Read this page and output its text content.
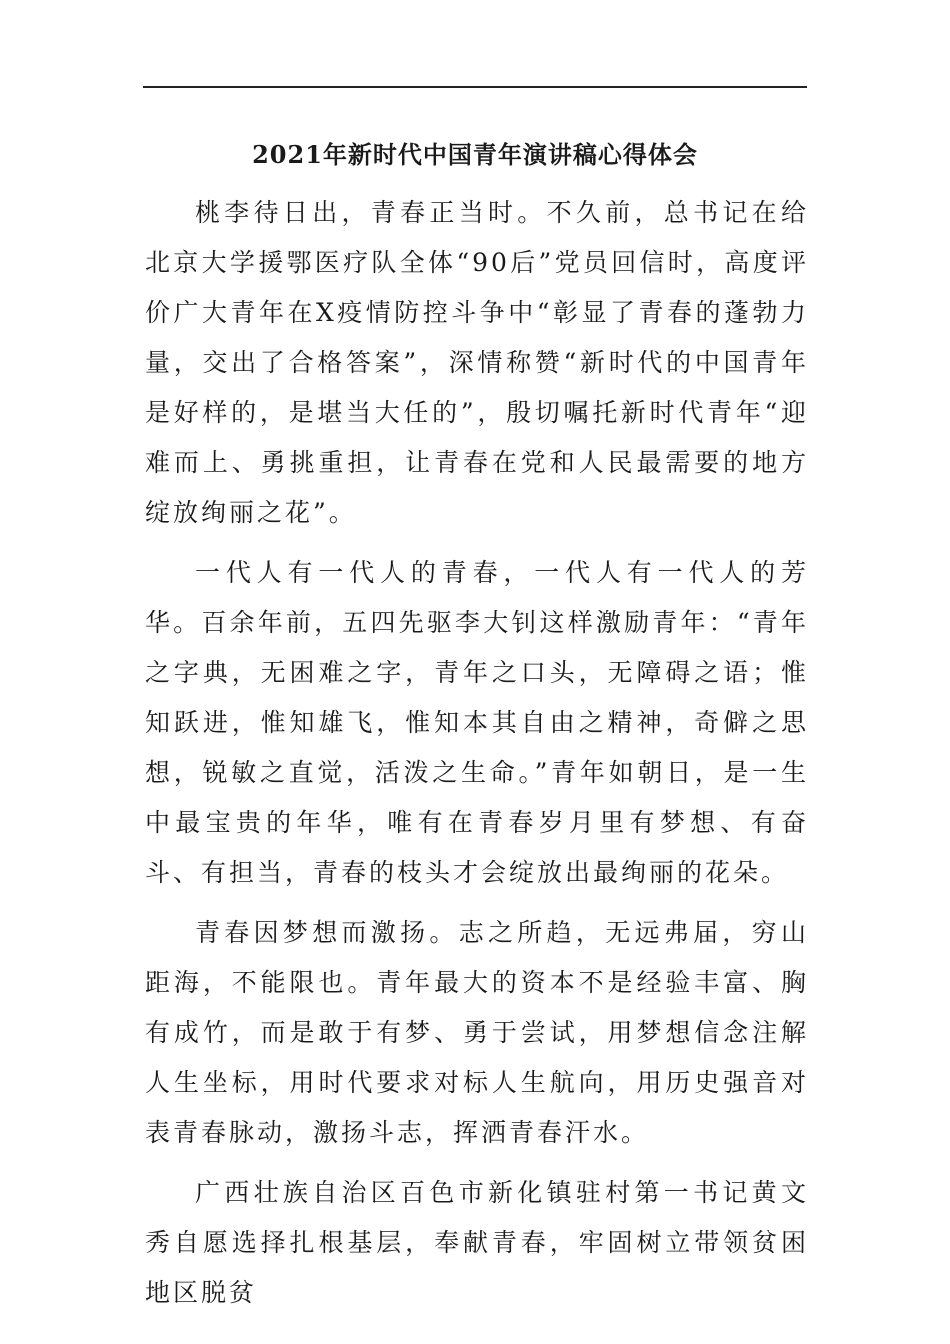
2021年新时代中国青年演讲稿心得体会

桃李待日出，青春正当时。不久前，总书记在给北京大学援鄂医疗队全体“90后”党员回信时，高度评价广大青年在X疫情防控斗争中“彰显了青春的蓬勃力量，交出了合格答案”，深情称赞“新时代的中国青年是好样的，是堪当大任的”，殷切嘱托新时代青年“迎难而上、勇挑重担，让青春在党和人民最需要的地方绽放绚丽之花”。

一代人有一代人的青春，一代人有一代人的芳华。百余年前，五四先驱李大钊这样激励青年：“青年之字典，无困难之字，青年之口头，无障碍之语；惟知跃进，惟知雄飞，惟知本其自由之精神，奇僻之思想，锐敏之直觉，活泼之生命。”青年如朝日，是一生中最宝贵的年华，唯有在青春岁月里有梦想、有奋斗、有担当，青春的枝头才会绽放出最绚丽的花朵。

青春因梦想而激扬。志之所趋，无远弗届，穷山距海，不能限也。青年最大的资本不是经验丰富、胸有成竹，而是敢于有梦、勇于尝试，用梦想信念注解人生坐标，用时代要求对标人生航向，用历史强音对表青春脉动，激扬斗志，挥洒青春汗水。

广西壮族自治区百色市新化镇驻村第一书记黄文秀自愿选择扎根基层，奉献青春，牢固树立带领贫困地区脱贫
